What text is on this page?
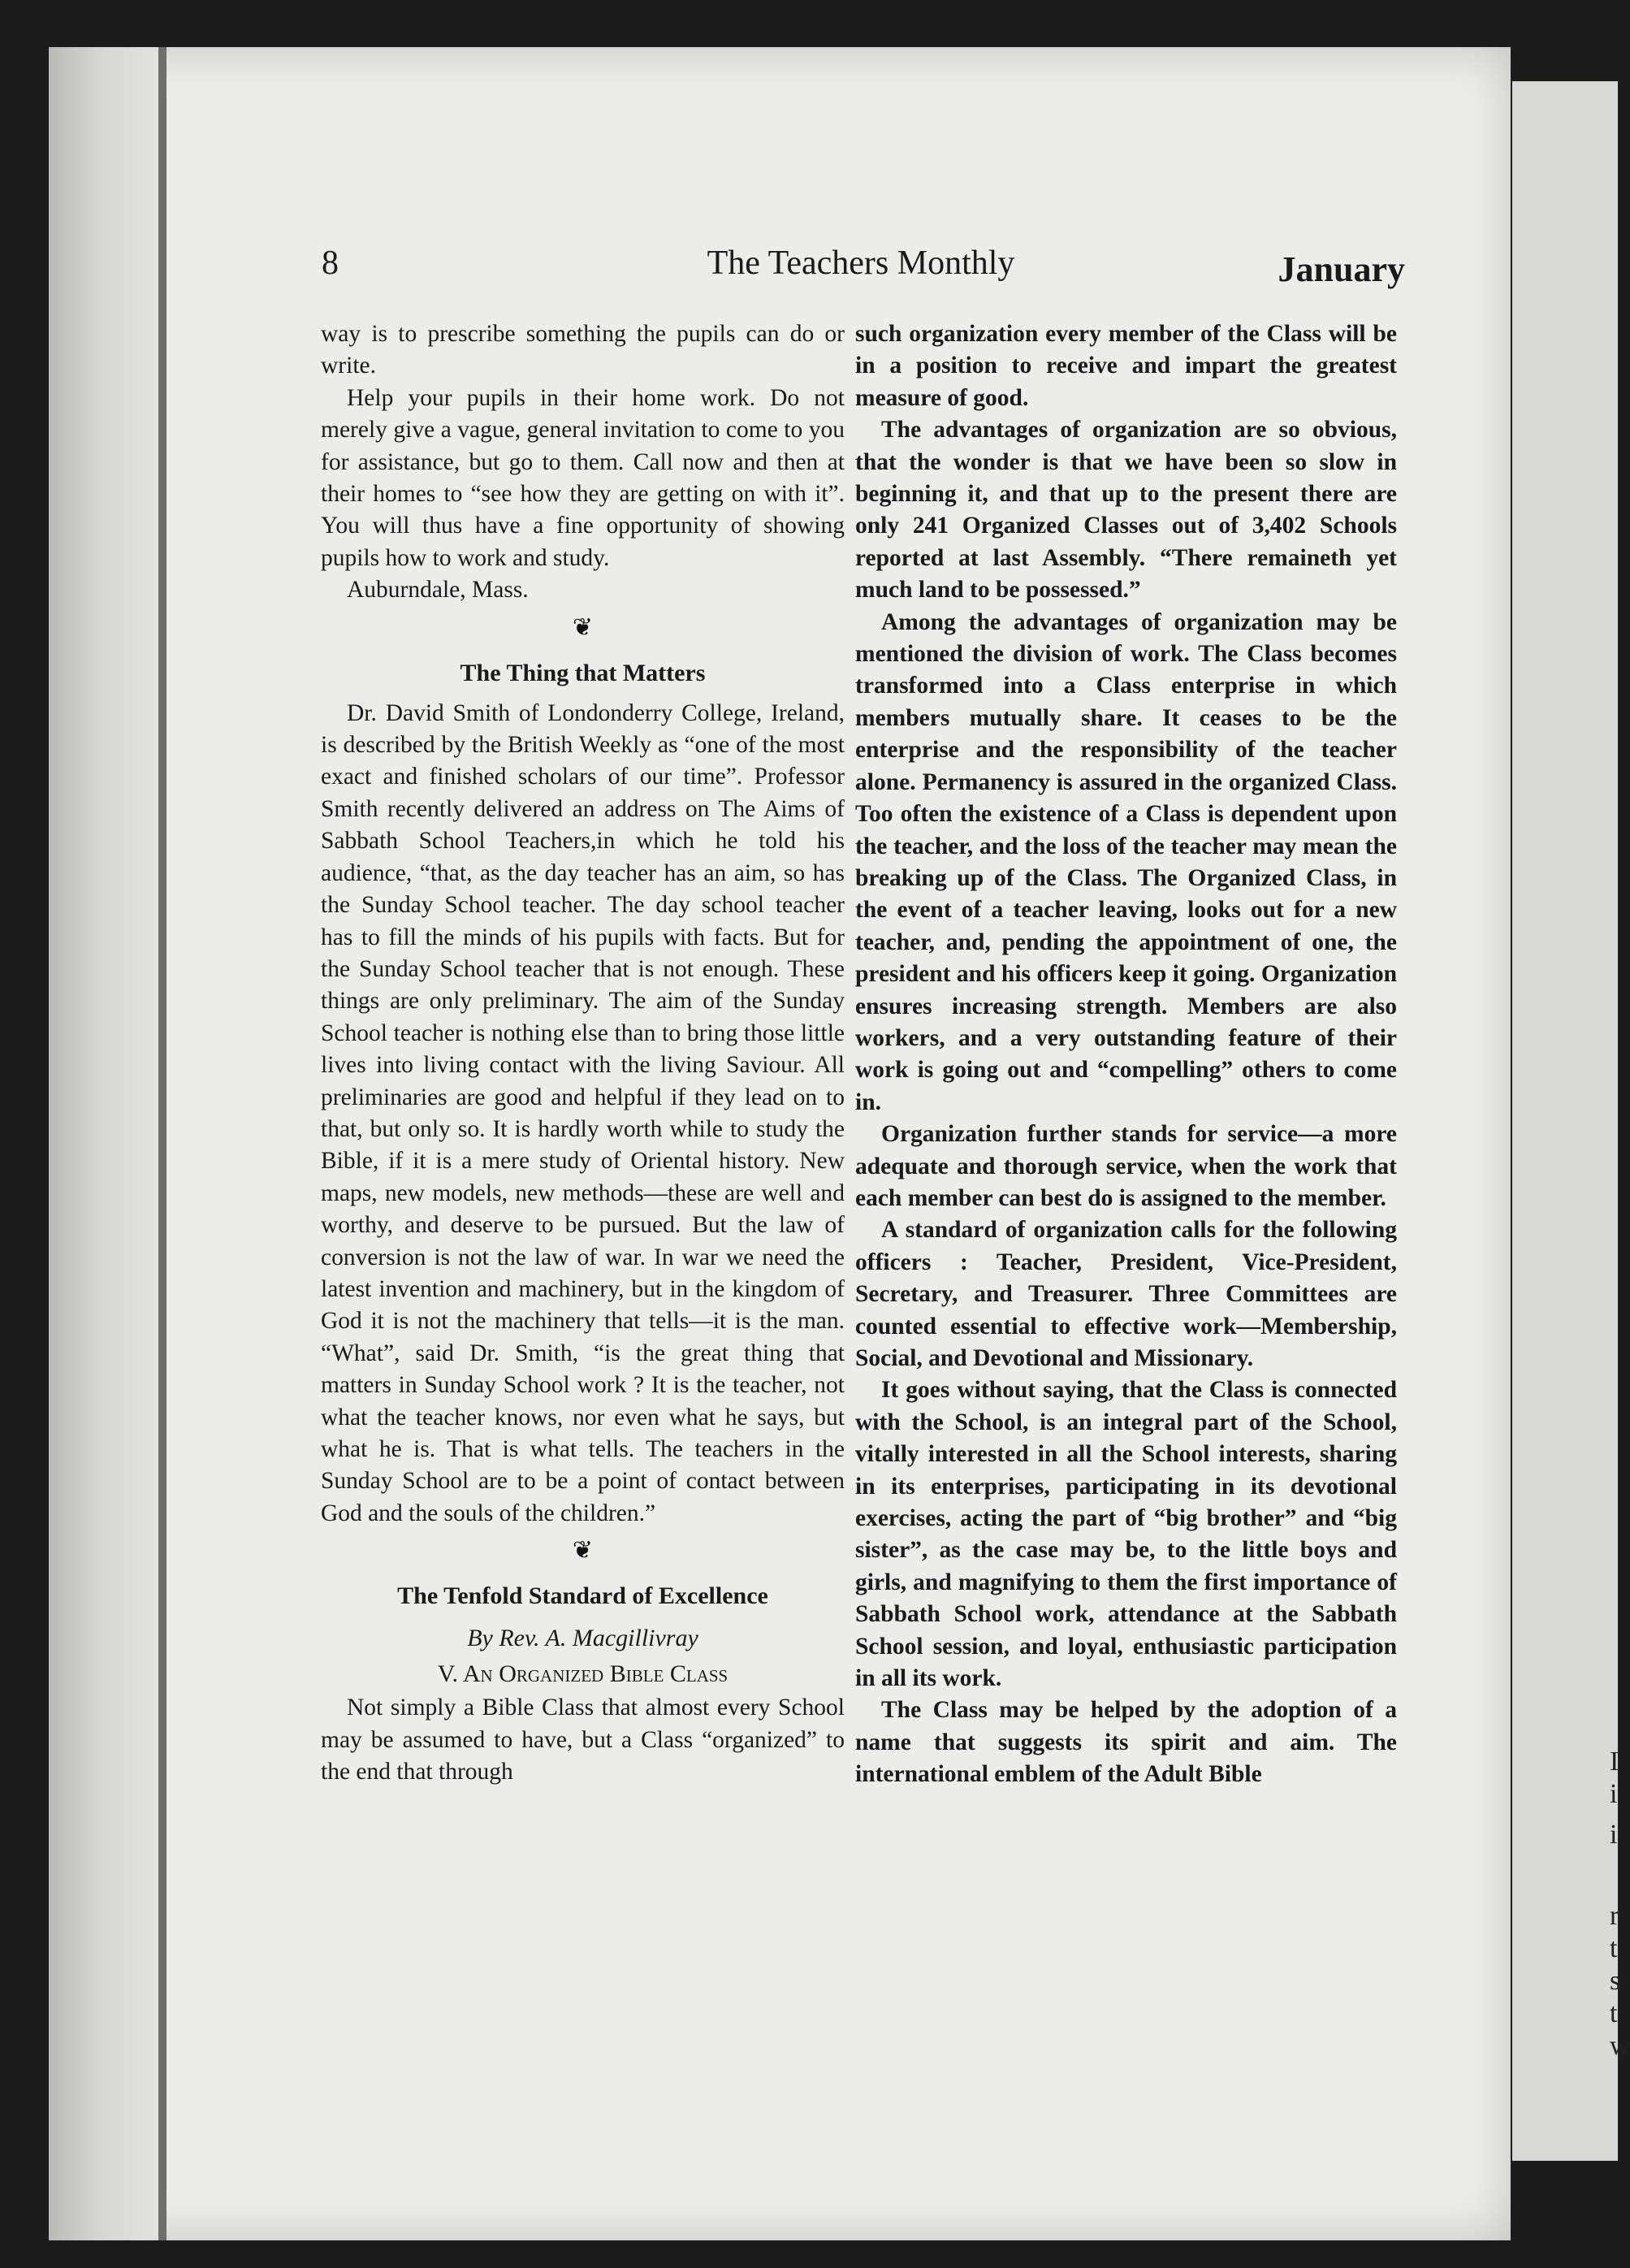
I
i
i
r
t
s
t
w
8	The Teachers Monthly	January

way is to prescribe something the pupils can do or write.

Help your pupils in their home work. Do not merely give a vague, general invitation to come to you for assistance, but go to them. Call now and then at their homes to “see how they are getting on with it”. You will thus have a fine opportunity of showing pupils how to work and study.

Auburndale, Mass.

❦
The Thing that Matters

Dr. David Smith of Londonderry College, Ireland, is described by the British Weekly as “one of the most exact and finished scholars of our time”. Professor Smith recently delivered an address on The Aims of Sabbath School Teachers,in which he told his audience, “that, as the day teacher has an aim, so has the Sunday School teacher. The day school teacher has to fill the minds of his pupils with facts. But for the Sunday School teacher that is not enough. These things are only preliminary. The aim of the Sunday School teacher is nothing else than to bring those little lives into living contact with the living Saviour. All preliminaries are good and helpful if they lead on to that, but only so. It is hardly worth while to study the Bible, if it is a mere study of Oriental history. New maps, new models, new methods—these are well and worthy, and deserve to be pursued. But the law of conversion is not the law of war. In war we need the latest invention and machinery, but in the kingdom of God it is not the machinery that tells—it is the man. “What”, said Dr. Smith, “is the great thing that matters in Sunday School work ? It is the teacher, not what the teacher knows, nor even what he says, but what he is. That is what tells. The teachers in the Sunday School are to be a point of contact between God and the souls of the children.”

❦
The Tenfold Standard of Excellence
By Rev. A. Macgillivray
V. An Organized Bible Class

Not simply a Bible Class that almost every School may be assumed to have, but a Class “organized” to the end that through

such organization every member of the Class will be in a position to receive and impart the greatest measure of good.

The advantages of organization are so obvious, that the wonder is that we have been so slow in beginning it, and that up to the present there are only 241 Organized Classes out of 3,402 Schools reported at last Assembly. “There remaineth yet much land to be possessed.”

Among the advantages of organization may be mentioned the division of work. The Class becomes transformed into a Class enterprise in which members mutually share. It ceases to be the enterprise and the responsibility of the teacher alone. Permanency is assured in the organized Class. Too often the existence of a Class is dependent upon the teacher, and the loss of the teacher may mean the breaking up of the Class. The Organized Class, in the event of a teacher leaving, looks out for a new teacher, and, pending the appointment of one, the president and his officers keep it going. Organization ensures increasing strength. Members are also workers, and a very outstanding feature of their work is going out and “compelling” others to come in.

Organization further stands for service—a more adequate and thorough service, when the work that each member can best do is assigned to the member.

A standard of organization calls for the following officers : Teacher, President, Vice-President, Secretary, and Treasurer. Three Committees are counted essential to effective work—Membership, Social, and Devotional and Missionary.

It goes without saying, that the Class is connected with the School, is an integral part of the School, vitally interested in all the School interests, sharing in its enterprises, participating in its devotional exercises, acting the part of “big brother” and “big sister”, as the case may be, to the little boys and girls, and magnifying to them the first importance of Sabbath School work, attendance at the Sabbath School session, and loyal, enthusiastic participation in all its work.

The Class may be helped by the adoption of a name that suggests its spirit and aim. The international emblem of the Adult Bible
